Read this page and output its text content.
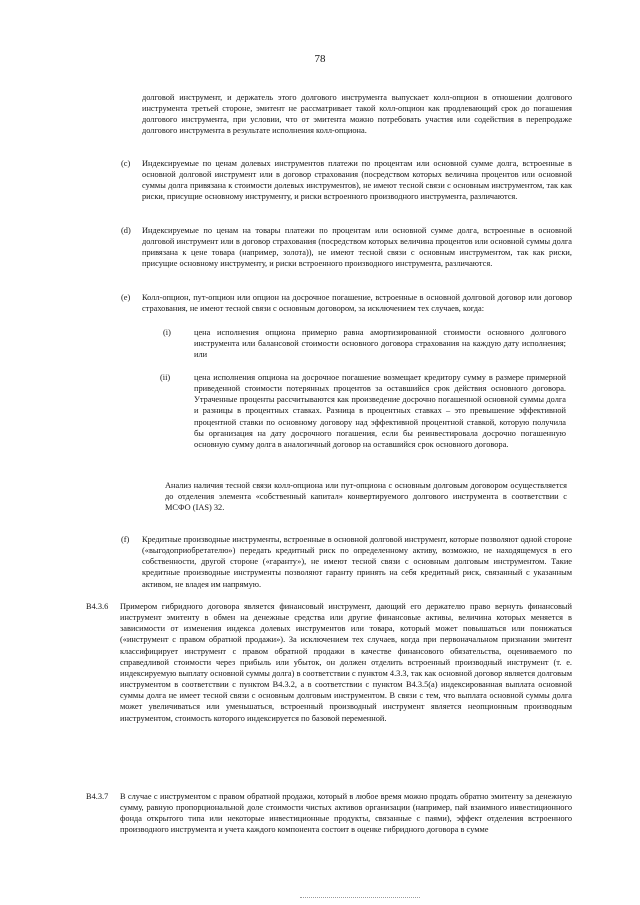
78
долговой инструмент, и держатель этого долгового инструмента выпускает колл-опцион в отношении долгового инструмента третьей стороне, эмитент не рассматривает такой колл-опцион как продлевающий срок до погашения долгового инструмента, при условии, что от эмитента можно потребовать участия или содействия в перепродаже долгового инструмента в результате исполнения колл-опциона.
(c) Индексируемые по ценам долевых инструментов платежи по процентам или основной сумме долга, встроенные в основной долговой инструмент или в договор страхования (посредством которых величина процентов или основной суммы долга привязана к стоимости долевых инструментов), не имеют тесной связи с основным инструментом, так как риски, присущие основному инструменту, и риски встроенного производного инструмента, различаются.
(d) Индексируемые по ценам на товары платежи по процентам или основной сумме долга, встроенные в основной долговой инструмент или в договор страхования (посредством которых величина процентов или основной суммы долга привязана к цене товара (например, золота)), не имеют тесной связи с основным инструментом, так как риски, присущие основному инструменту, и риски встроенного производного инструмента, различаются.
(e) Колл-опцион, пут-опцион или опцион на досрочное погашение, встроенные в основной долговой договор или договор страхования, не имеют тесной связи с основным договором, за исключением тех случаев, когда:
(i)	цена исполнения опциона примерно равна амортизированной стоимости основного долгового инструмента или балансовой стоимости основного договора страхования на каждую дату исполнения; или
(ii)	цена исполнения опциона на досрочное погашение возмещает кредитору сумму в размере примерной приведенной стоимости потерянных процентов за оставшийся срок действия основного договора. Утраченные проценты рассчитываются как произведение досрочно погашенной основной суммы долга и разницы в процентных ставках. Разница в процентных ставках – это превышение эффективной процентной ставки по основному договору над эффективной процентной ставкой, которую получила бы организация на дату досрочного погашения, если бы реинвестировала досрочно погашенную основную сумму долга в аналогичный договор на оставшийся срок основного договора.
Анализ наличия тесной связи колл-опциона или пут-опциона с основным долговым договором осуществляется до отделения элемента «собственный капитал» конвертируемого долгового инструмента в соответствии с МСФО (IAS) 32.
(f) Кредитные производные инструменты, встроенные в основной долговой инструмент, которые позволяют одной стороне («выгодоприобретателю») передать кредитный риск по определенному активу, возможно, не находящемуся в его собственности, другой стороне («гаранту»), не имеют тесной связи с основным долговым инструментом. Такие кредитные производные инструменты позволяют гаранту принять на себя кредитный риск, связанный с указанным активом, не владея им напрямую.
B4.3.6 Примером гибридного договора является финансовый инструмент, дающий его держателю право вернуть финансовый инструмент эмитенту в обмен на денежные средства или другие финансовые активы, величина которых меняется в зависимости от изменения индекса долевых инструментов или товара, который может повышаться или понижаться («инструмент с правом обратной продажи»). За исключением тех случаев, когда при первоначальном признании эмитент классифицирует инструмент с правом обратной продажи в качестве финансового обязательства, оцениваемого по справедливой стоимости через прибыль или убыток, он должен отделить встроенный производный инструмент (т. е. индексируемую выплату основной суммы долга) в соответствии с пунктом 4.3.3, так как основной договор является долговым инструментом в соответствии с пунктом B4.3.2, а в соответствии с пунктом B4.3.5(a) индексированная выплата основной суммы долга не имеет тесной связи с основным долговым инструментом. В связи с тем, что выплата основной суммы долга может увеличиваться или уменьшаться, встроенный производный инструмент является неопционным производным инструментом, стоимость которого индексируется по базовой переменной.
B4.3.7 В случае с инструментом с правом обратной продажи, который в любое время можно продать обратно эмитенту за денежную сумму, равную пропорциональной доле стоимости чистых активов организации (например, пай взаимного инвестиционного фонда открытого типа или некоторые инвестиционные продукты, связанные с паями), эффект отделения встроенного производного инструмента и учета каждого компонента состоит в оценке гибридного договора в сумме
